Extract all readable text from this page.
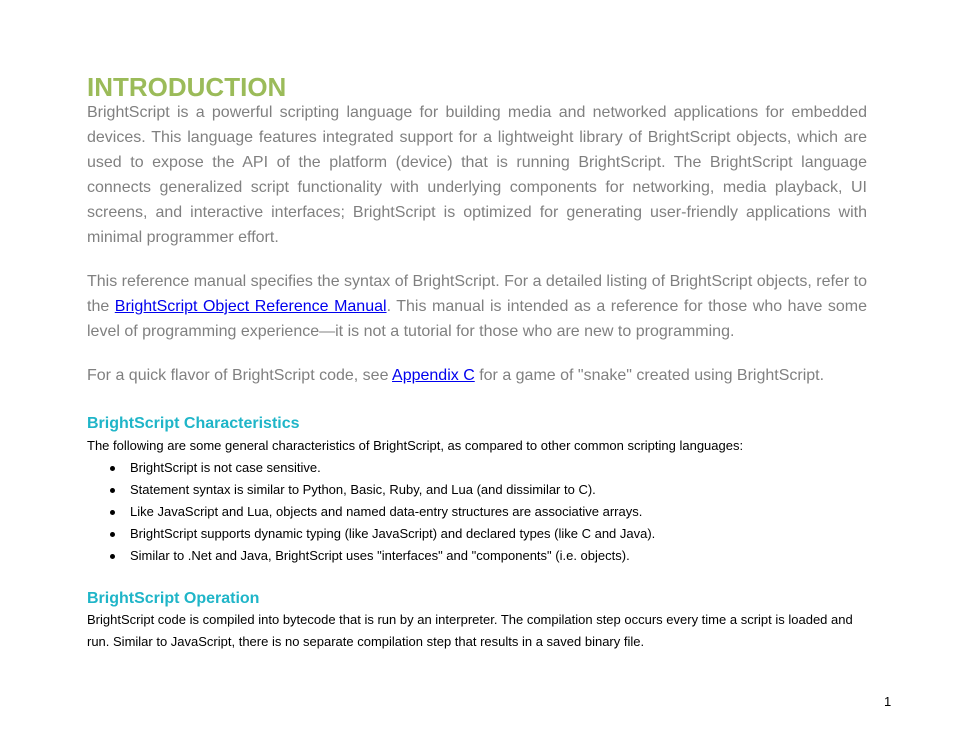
INTRODUCTION

BrightScript is a powerful scripting language for building media and networked applications for embedded devices. This language features integrated support for a lightweight library of BrightScript objects, which are used to expose the API of the platform (device) that is running BrightScript. The BrightScript language connects generalized script functionality with underlying components for networking, media playback, UI screens, and interactive interfaces; BrightScript is optimized for generating user-friendly applications with minimal programmer effort.

This reference manual specifies the syntax of BrightScript. For a detailed listing of BrightScript objects, refer to the BrightScript Object Reference Manual. This manual is intended as a reference for those who have some level of programming experience—it is not a tutorial for those who are new to programming.

For a quick flavor of BrightScript code, see Appendix C for a game of "snake" created using BrightScript.

BrightScript Characteristics

The following are some general characteristics of BrightScript, as compared to other common scripting languages:

BrightScript is not case sensitive.
Statement syntax is similar to Python, Basic, Ruby, and Lua (and dissimilar to C).
Like JavaScript and Lua, objects and named data-entry structures are associative arrays.
BrightScript supports dynamic typing (like JavaScript) and declared types (like C and Java).
Similar to .Net and Java, BrightScript uses "interfaces" and "components" (i.e. objects).
BrightScript Operation

BrightScript code is compiled into bytecode that is run by an interpreter. The compilation step occurs every time a script is loaded and run. Similar to JavaScript, there is no separate compilation step that results in a saved binary file.

1
